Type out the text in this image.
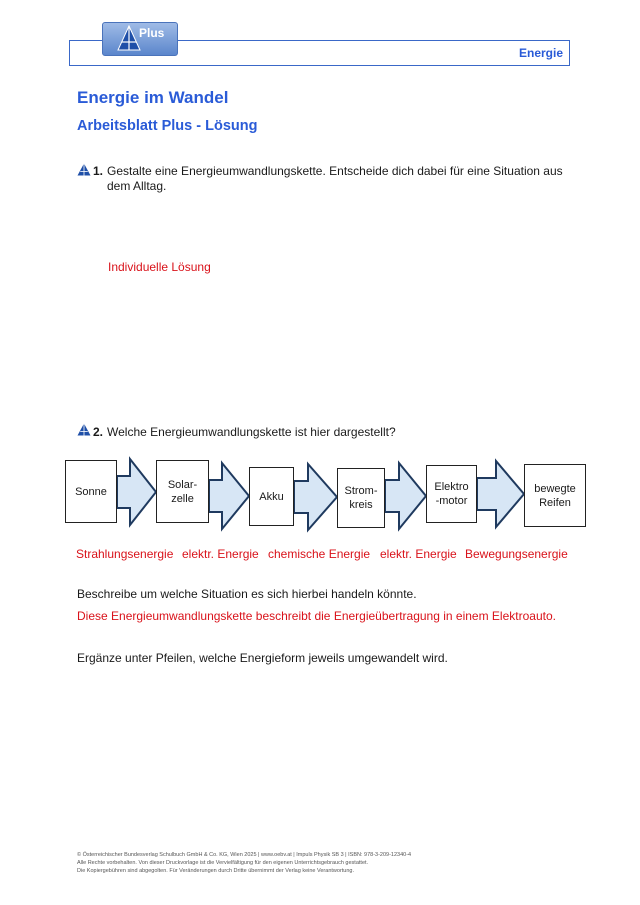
Plus
Energie
Energie im Wandel
Arbeitsblatt Plus - Lösung
1. Gestalte eine Energieumwandlungskette. Entscheide dich dabei für eine Situation aus
dem Alltag.
Individuelle Lösung
2. Welche Energieumwandlungskette ist hier dargestellt?
Sonne
Solar-
zelle	Akku	Strom-
kreis
Elektro
-motor
bewegte
Reifen
Strahlungsenergie elektr. Energie chemische Energie elektr. Energie Bewegungsenergie
Beschreibe um welche Situation es sich hierbei handeln könnte.
Diese Energieumwandlungskette beschreibt die Energieübertragung in einem Elektroauto.
Ergänze unter Pfeilen, welche Energieform jeweils umgewandelt wird.
© Österreichischer Bundesverlag Schulbuch GmbH & Co. KG, Wien 2025 | www.oebv.at | Impuls Physik SB 3 | ISBN: 978-3-209-12340-4
Alle Rechte vorbehalten. Von dieser Druckvorlage ist die Vervielfältigung für den eigenen Unterrichtsgebrauch gestattet.
Die Kopiergebühren sind abgegolten. Für Veränderungen durch Dritte übernimmt der Verlag keine Verantwortung.
